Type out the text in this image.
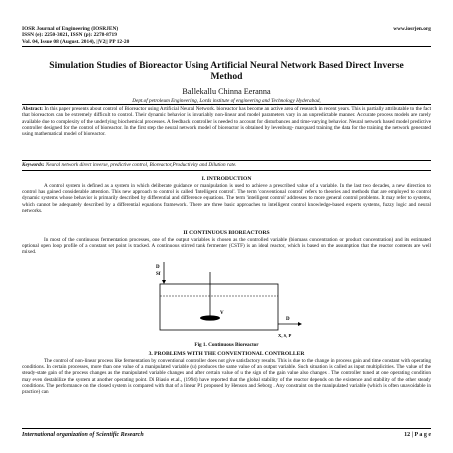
IOSR Journal of Engineering (IOSRJEN)
ISSN (e): 2250-3021, ISSN (p): 2278-8719
Vol. 04, Issue 08 (August. 2014), ||V2|| PP 12-20
www.iosrjen.org
Simulation Studies of Bioreactor Using Artificial Neural Network Based Direct Inverse Method
Ballekallu Chinna Eeranna
Dept.of petroleum Engineering, Lords institute of engineering and Technology Hyderabad,
Abstract: In this paper presents about control of Bioreactor using Artificial Neural Network. bioreactor has become an active area of research in recent years. This is partially attributable to the fact that bioreactors can be extremely difficult to control. Their dynamic behavior is invariably non-linear and model parameters vary in an unpredictable manner. Accurate process models are rarely available due to complexity of the underlying biochemical processes. A feedback controller is needed to account for disturbances and time-varying behavior. Neural network based model predictive controller designed for the control of bioreactor. In the first step the neural network model of bioreactor is obtained by levenburg- marquard training the data for the training the network generated using mathematical model of bioreactor.
Keywords: Neural network direct inverse, predictive control, Bioreactor,Productivity and Dilution rate.
I. INTRODUCTION
A control system is defined as a system in which deliberate guidance or manipulation is used to achieve a prescribed value of a variable. In the last two decades, a new direction to control has gained considerable attention. This new approach to control is called 'Intelligent control'. The term 'conventional control' refers to theories and methods that are employed to control dynamic systems whose behavior is primarily described by differential and difference equations. The term 'intelligent control' addresses to more general control problems. It may refer to systems, which cannot be adequately described by a differential equations framework. There are three basic approaches to intelligent control knowledge-based experts systems, fuzzy logic and neural networks.
II CONTINUOUS BIOREACTORS
In most of the continuous fermentation processes, one of the output variables is chosen as the controlled variable (biomass concentration or product concentration) and its estimated optional open loop profile of a constant set point is tracked. A continuous stirred tank fermenter (CSTF) is an ideal reactor, which is based on the assumption that the reactor contents are well mixed.
D
Sf
V
D
X, S, P
Fig 1. Continuous Bioreactor
3. PROBLEMS WITH THE CONVENTIONAL CONTROLLER
The control of non-linear process like fermentation by conventional controller does not give satisfactory results. This is due to the change in process gain and time constant with operating conditions. In certain processes, more than one value of a manipulated variable (u) produces the same value of an output variable. Such situation is called as input multiplicities. The value of the steady-state gain of the process changes as the manipulated variable changes and after certain value of u the sign of the gain value also changes . The controller tuned at one operating condition may even destabilize the system at another operating point. Di Biasio et.al., (1994) have reported that the global stability of the reactor depends on the existence and stability of the other steady conditions. The performance on the closed system is compared with that of a linear P1 proposed by Henson and Seborg . Any constraint on the manipulated variable (which is often unavoidable in practice) can
International organization of Scientific Research	12 | P a g e
